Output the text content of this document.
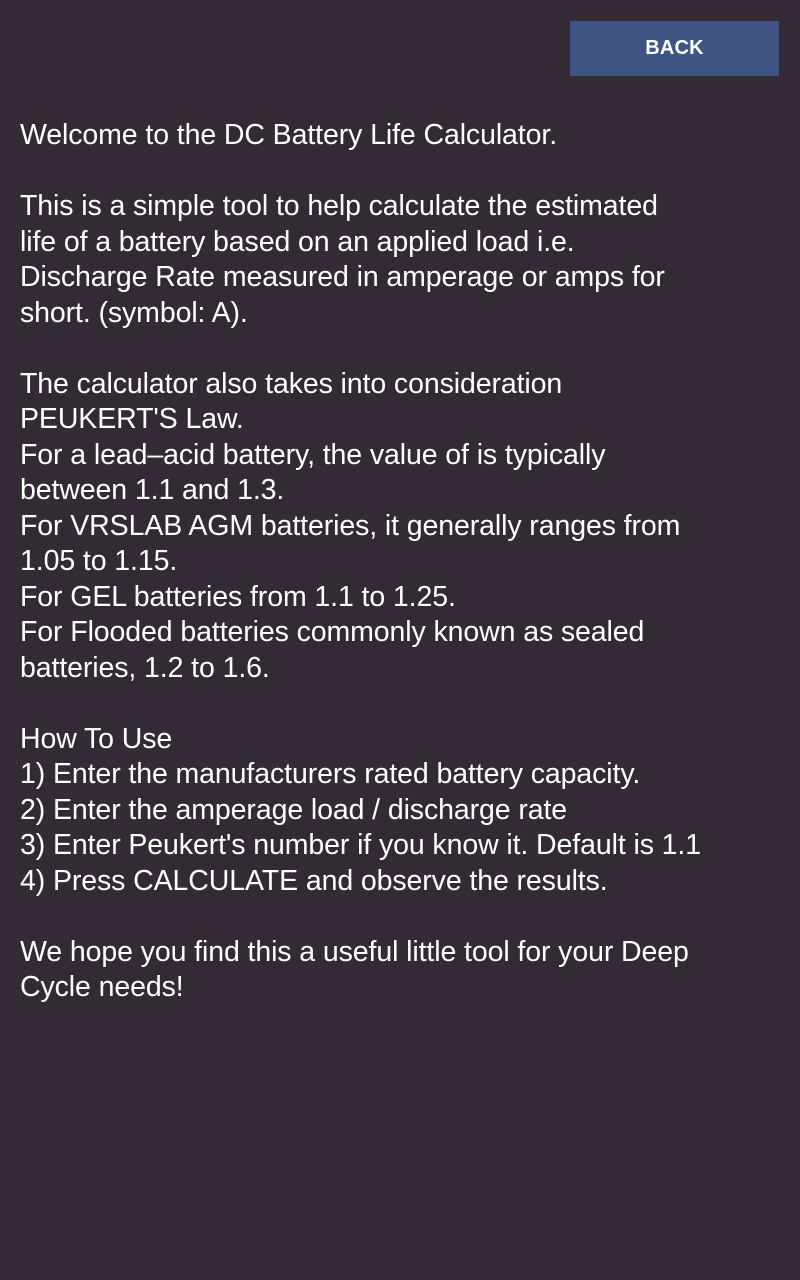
BACK
Welcome to the DC Battery Life Calculator.
This is a simple tool to help calculate the estimated
life of a battery based on an applied load i.e.
Discharge Rate measured in amperage or amps for
short. (symbol: A).
The calculator also takes into consideration
PEUKERT'S Law.
For a lead–acid battery, the value of is typically
between 1.1 and 1.3.
For VRSLAB AGM batteries, it generally ranges from
1.05 to 1.15.
For GEL batteries from 1.1 to 1.25.
For Flooded batteries commonly known as sealed
batteries, 1.2 to 1.6.
How To Use
1) Enter the manufacturers rated battery capacity.
2) Enter the amperage load / discharge rate
3) Enter Peukert's number if you know it. Default is 1.1
4) Press CALCULATE and observe the results.
We hope you find this a useful little tool for your Deep
Cycle needs!
